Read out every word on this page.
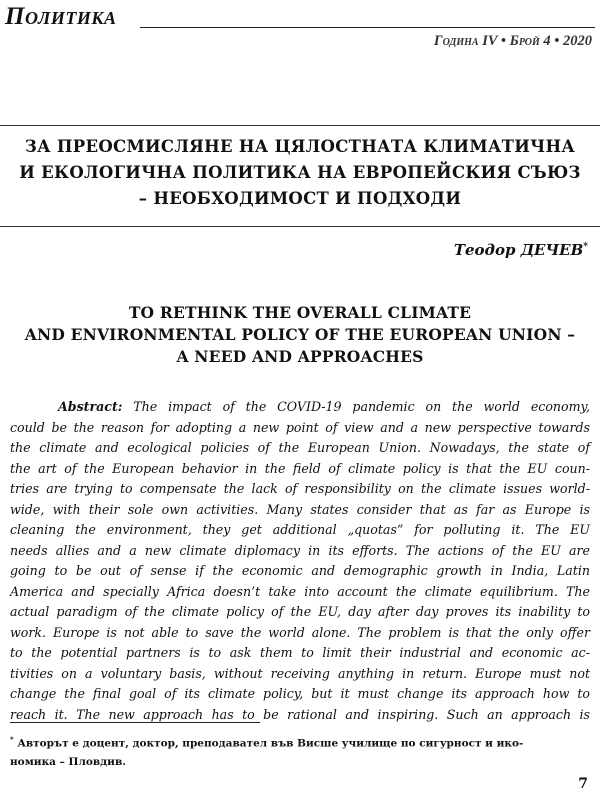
Политика
Година IV • Брой 4 • 2020
ЗА ПРЕОСМИСЛЯНЕ НА ЦЯЛОСТНАТА КЛИМАТИЧНА
И ЕКОЛОГИЧНА ПОЛИТИКА НА ЕВРОПЕЙСКИЯ СЪЮЗ
– НЕОБХОДИМОСТ И ПОДХОДИ
Теодор ДЕЧЕВ*
TO RETHINK THE OVERALL CLIMATE
AND ENVIRONMENTAL POLICY OF THE EUROPEAN UNION –
A NEED AND APPROACHES
Abstract: The impact of the COVID-19 pandemic on the world economy,
could be the reason for adopting a new point of view and a new perspective towards
the climate and ecological policies of the European Union. Nowadays, the state of
the art of the European behavior in the field of climate policy is that the EU coun-
tries are trying to compensate the lack of responsibility on the climate issues world-
wide, with their sole own activities. Many states consider that as far as Europe is
cleaning the environment, they get additional „quotas“ for polluting it. The EU
needs allies and a new climate diplomacy in its efforts. The actions of the EU are
going to be out of sense if the economic and demographic growth in India, Latin
America and specially Africa doesn’t take into account the climate equilibrium. The
actual paradigm of the climate policy of the EU, day after day proves its inability to
work. Europe is not able to save the world alone. The problem is that the only offer
to the potential partners is to ask them to limit their industrial and economic ac-
tivities on a voluntary basis, without receiving anything in return. Europe must not
change the final goal of its climate policy, but it must change its approach how to
reach it. The new approach has to be rational and inspiring. Such an approach is
* Авторът е доцент, доктор, преподавател във Висше училище по сигурност и ико-
номика – Пловдив.
7
